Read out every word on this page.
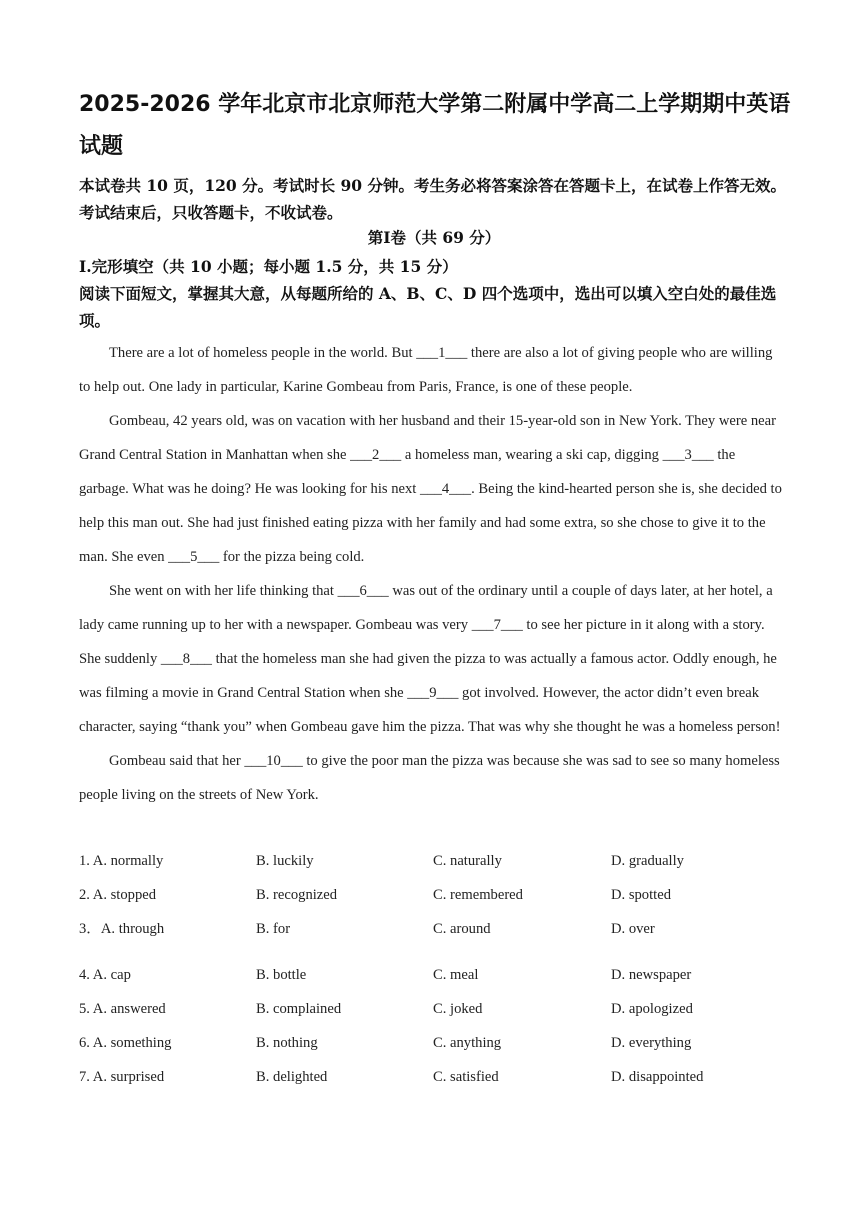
2025-2026 学年北京市北京师范大学第二附属中学高二上学期期中英语试题

本试卷共 10 页，120 分。考试时长 90 分钟。考生务必将答案涂答在答题卡上，在试卷上作答无效。考试结束后，只收答题卡，不收试卷。

第Ⅰ卷（共 69 分）

Ⅰ.完形填空（共 10 小题；每小题 1.5 分，共 15 分）

阅读下面短文，掌握其大意，从每题所给的 A、B、C、D 四个选项中，选出可以填入空白处的最佳选项。

There are a lot of homeless people in the world. But ___1___ there are also a lot of giving people who are willing to help out. One lady in particular, Karine Gombeau from Paris, France, is one of these people.

Gombeau, 42 years old, was on vacation with her husband and their 15-year-old son in New York. They were near Grand Central Station in Manhattan when she ___2___ a homeless man, wearing a ski cap, digging ___3___ the garbage. What was he doing? He was looking for his next ___4___. Being the kind-hearted person she is, she decided to help this man out. She had just finished eating pizza with her family and had some extra, so she chose to give it to the man. She even ___5___ for the pizza being cold.

She went on with her life thinking that ___6___ was out of the ordinary until a couple of days later, at her hotel, a lady came running up to her with a newspaper. Gombeau was very ___7___ to see her picture in it along with a story. She suddenly ___8___ that the homeless man she had given the pizza to was actually a famous actor. Oddly enough, he was filming a movie in Grand Central Station when she ___9___ got involved. However, the actor didn’t even break character, saying “thank you” when Gombeau gave him the pizza. That was why she thought he was a homeless person!

Gombeau said that her ___10___ to give the poor man the pizza was because she was sad to see so many homeless people living on the streets of New York.

1. A. normally	B. luckily	C. naturally	D. gradually
2. A. stopped	B. recognized	C. remembered	D. spotted
3．A. through	B. for	C. around	D. over
4. A. cap	B. bottle	C. meal	D. newspaper
5. A. answered	B. complained	C. joked	D. apologized
6. A. something	B. nothing	C. anything	D. everything
7. A. surprised	B. delighted	C. satisfied	D. disappointed
